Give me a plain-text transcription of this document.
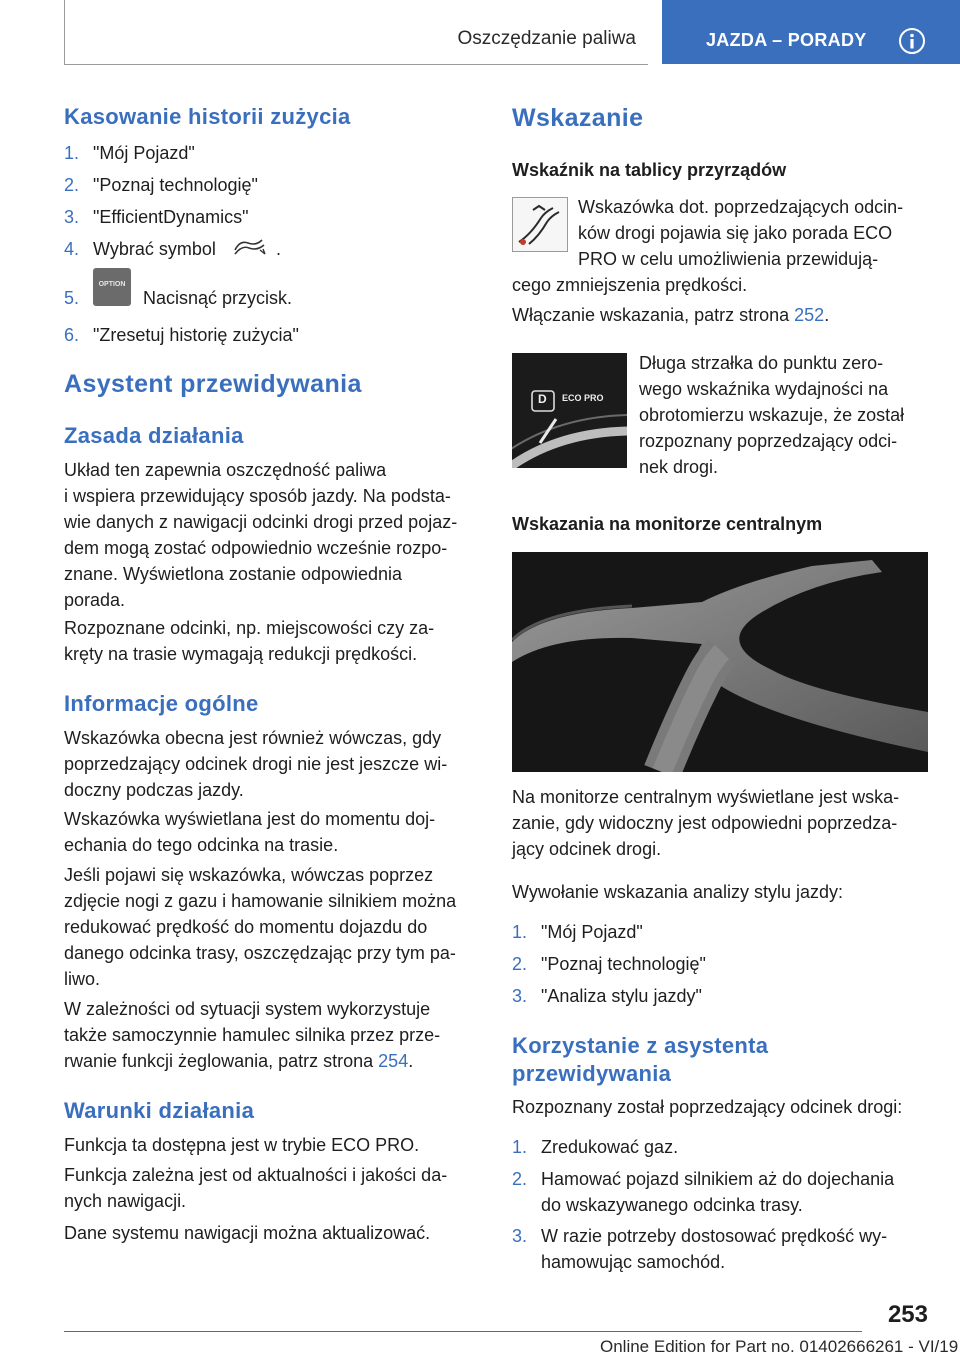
Oszczędzanie paliwa	JAZDA – PORADY
Kasowanie historii zużycia
1. "Mój Pojazd"
2. "Poznaj technologię"
3. "EfficientDynamics"
4. Wybrać symbol	.
5.
OPTION
Nacisnąć przycisk.
6. "Zresetuj historię zużycia"
Asystent przewidywania
Zasada działania
Układ ten zapewnia oszczędność paliwa
i wspiera przewidujący sposób jazdy. Na podsta-
wie danych z nawigacji odcinki drogi przed pojaz-
dem mogą zostać odpowiednio wcześnie rozpo-
znane. Wyświetlona zostanie odpowiednia
porada.
Rozpoznane odcinki, np. miejscowości czy za-
kręty na trasie wymagają redukcji prędkości.
Informacje ogólne
Wskazówka obecna jest również wówczas, gdy
poprzedzający odcinek drogi nie jest jeszcze wi-
doczny podczas jazdy.
Wskazówka wyświetlana jest do momentu doj-
echania do tego odcinka na trasie.
Jeśli pojawi się wskazówka, wówczas poprzez
zdjęcie nogi z gazu i hamowanie silnikiem można
redukować prędkość do momentu dojazdu do
danego odcinka trasy, oszczędzając przy tym pa-
liwo.
W zależności od sytuacji system wykorzystuje
także samoczynnie hamulec silnika przez prze-
rwanie funkcji żeglowania, patrz strona 254.
Warunki działania
Funkcja ta dostępna jest w trybie ECO PRO.
Funkcja zależna jest od aktualności i jakości da-
nych nawigacji.
Dane systemu nawigacji można aktualizować.
Wskazanie
Wskaźnik na tablicy przyrządów
Wskazówka dot. poprzedzających odcin-
ków drogi pojawia się jako porada ECO
PRO w celu umożliwienia przewidują-
cego zmniejszenia prędkości.
Włączanie wskazania, patrz strona 252.
D ECO PRO
Długa strzałka do punktu zero-
wego wskaźnika wydajności na
obrotomierzu wskazuje, że został
rozpoznany poprzedzający odci-
nek drogi.
Wskazania na monitorze centralnym
Na monitorze centralnym wyświetlane jest wska-
zanie, gdy widoczny jest odpowiedni poprzedza-
jący odcinek drogi.
Wywołanie wskazania analizy stylu jazdy:
1. "Mój Pojazd"
2. "Poznaj technologię"
3. "Analiza stylu jazdy"
Korzystanie z asystenta
przewidywania
Rozpoznany został poprzedzający odcinek drogi:
1. Zredukować gaz.
2. Hamować pojazd silnikiem aż do dojechania
do wskazywanego odcinka trasy.
3. W razie potrzeby dostosować prędkość wy-
hamowując samochód.
253
Online Edition for Part no. 01402666261 - VI/19
